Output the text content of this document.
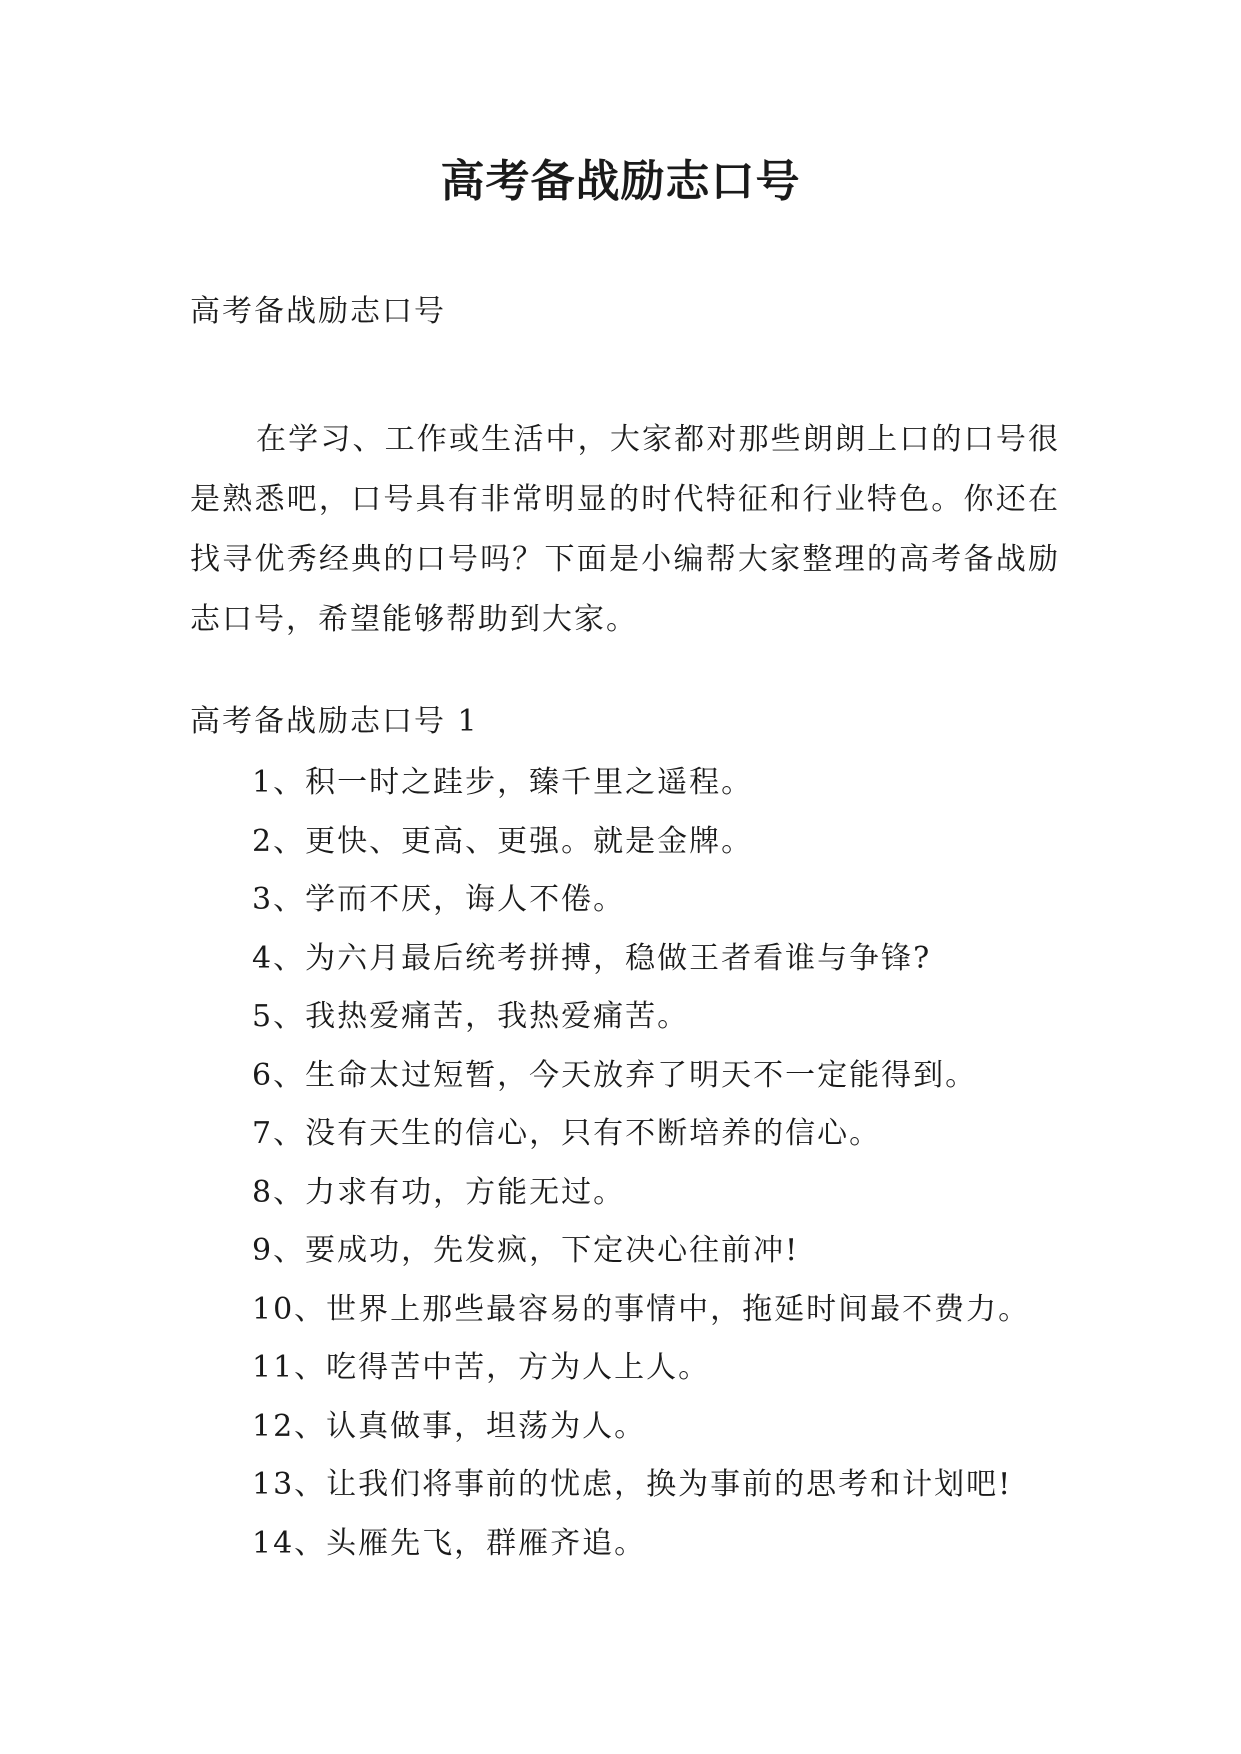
高考备战励志口号
高考备战励志口号

在学习、工作或生活中，大家都对那些朗朗上口的口号很是熟悉吧，口号具有非常明显的时代特征和行业特色。你还在找寻优秀经典的口号吗？下面是小编帮大家整理的高考备战励志口号，希望能够帮助到大家。

高考备战励志口号 1
1、积一时之跬步，臻千里之遥程。
2、更快、更高、更强。就是金牌。
3、学而不厌，诲人不倦。
4、为六月最后统考拼搏，稳做王者看谁与争锋?
5、我热爱痛苦，我热爱痛苦。
6、生命太过短暂，今天放弃了明天不一定能得到。
7、没有天生的信心，只有不断培养的信心。
8、力求有功，方能无过。
9、要成功，先发疯，下定决心往前冲!
10、世界上那些最容易的事情中，拖延时间最不费力。
11、吃得苦中苦，方为人上人。
12、认真做事，坦荡为人。
13、让我们将事前的忧虑，换为事前的思考和计划吧!
14、头雁先飞，群雁齐追。
